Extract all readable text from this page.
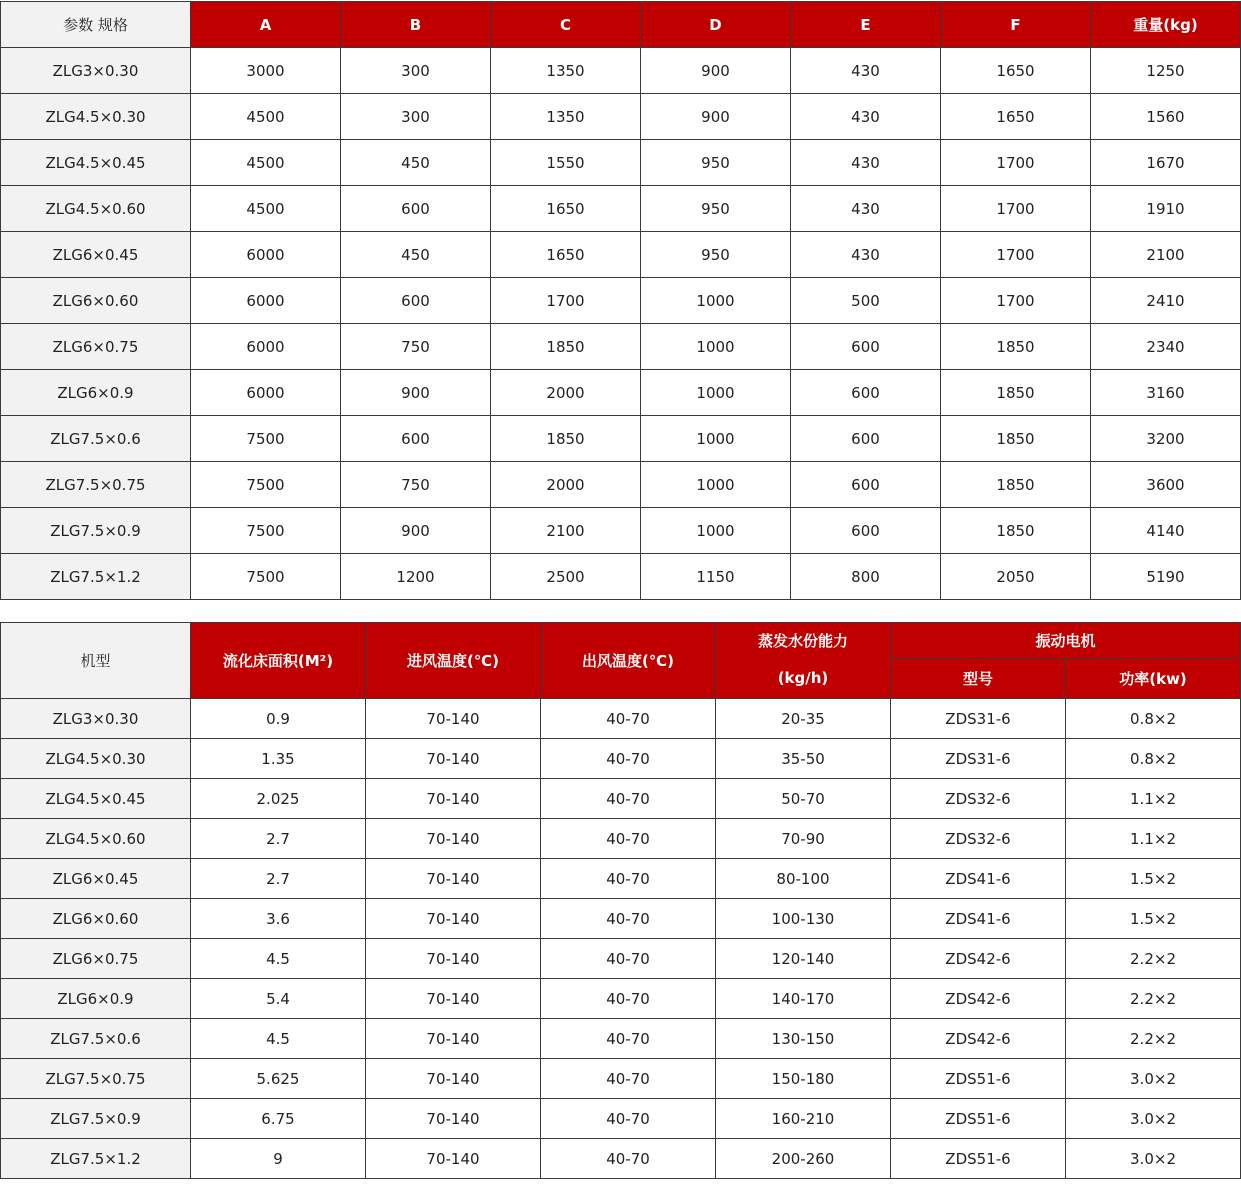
参数 规格	A	B	C	D	E	F	重量(kg)
ZLG3×0.30	3000	300	1350	900	430	1650	1250
ZLG4.5×0.30	4500	300	1350	900	430	1650	1560
ZLG4.5×0.45	4500	450	1550	950	430	1700	1670
ZLG4.5×0.60	4500	600	1650	950	430	1700	1910
ZLG6×0.45	6000	450	1650	950	430	1700	2100
ZLG6×0.60	6000	600	1700	1000	500	1700	2410
ZLG6×0.75	6000	750	1850	1000	600	1850	2340
ZLG6×0.9	6000	900	2000	1000	600	1850	3160
ZLG7.5×0.6	7500	600	1850	1000	600	1850	3200
ZLG7.5×0.75	7500	750	2000	1000	600	1850	3600
ZLG7.5×0.9	7500	900	2100	1000	600	1850	4140
ZLG7.5×1.2	7500	1200	2500	1150	800	2050	5190
机型	流化床面积(M²)	进风温度(℃)	出风温度(℃)	蒸发水份能力	振动电机	
				(kg/h)	型号	功率(kw)
ZLG3×0.30	0.9	70-140	40-70	20-35	ZDS31-6	0.8×2
ZLG4.5×0.30	1.35	70-140	40-70	35-50	ZDS31-6	0.8×2
ZLG4.5×0.45	2.025	70-140	40-70	50-70	ZDS32-6	1.1×2
ZLG4.5×0.60	2.7	70-140	40-70	70-90	ZDS32-6	1.1×2
ZLG6×0.45	2.7	70-140	40-70	80-100	ZDS41-6	1.5×2
ZLG6×0.60	3.6	70-140	40-70	100-130	ZDS41-6	1.5×2
ZLG6×0.75	4.5	70-140	40-70	120-140	ZDS42-6	2.2×2
ZLG6×0.9	5.4	70-140	40-70	140-170	ZDS42-6	2.2×2
ZLG7.5×0.6	4.5	70-140	40-70	130-150	ZDS42-6	2.2×2
ZLG7.5×0.75	5.625	70-140	40-70	150-180	ZDS51-6	3.0×2
ZLG7.5×0.9	6.75	70-140	40-70	160-210	ZDS51-6	3.0×2
ZLG7.5×1.2	9	70-140	40-70	200-260	ZDS51-6	3.0×2
